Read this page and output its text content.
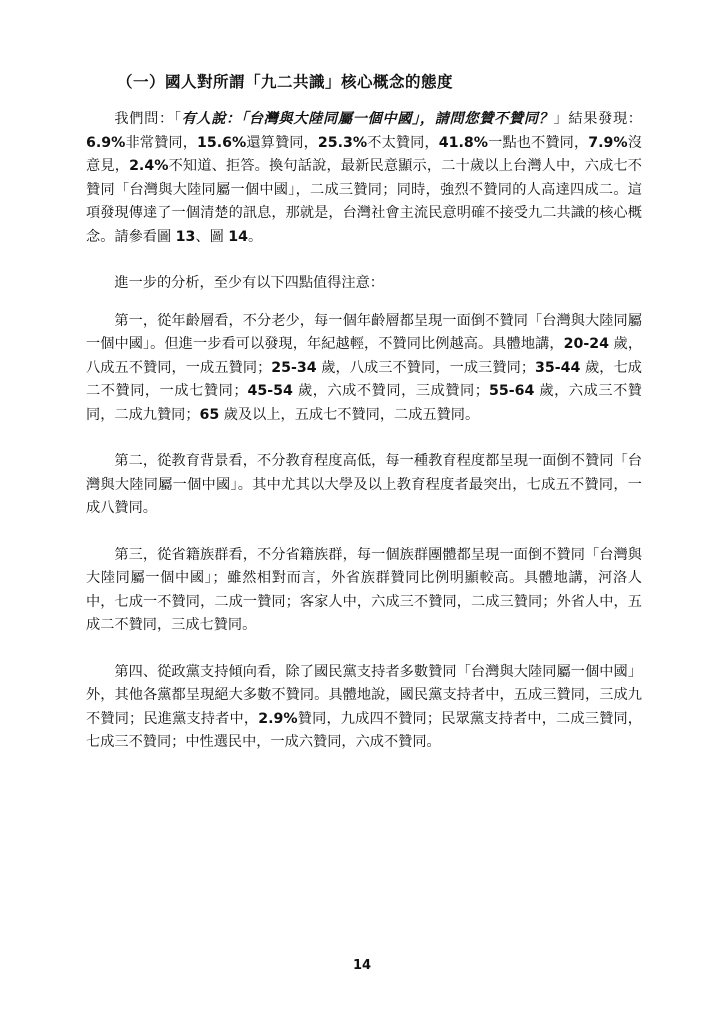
（一）國人對所謂「九二共識」核心概念的態度

我們問：「有人說：「台灣與大陸同屬一個中國」，請問您贊不贊同？」結果發現：6.9%非常贊同，15.6%還算贊同，25.3%不太贊同，41.8%一點也不贊同，7.9%沒意見，2.4%不知道、拒答。換句話說，最新民意顯示，二十歲以上台灣人中，六成七不贊同「台灣與大陸同屬一個中國」，二成三贊同；同時，強烈不贊同的人高達四成二。這項發現傳達了一個清楚的訊息，那就是，台灣社會主流民意明確不接受九二共識的核心概念。請參看圖 13、圖 14。

進一步的分析，至少有以下四點值得注意：

第一，從年齡層看，不分老少，每一個年齡層都呈現一面倒不贊同「台灣與大陸同屬一個中國」。但進一步看可以發現，年紀越輕，不贊同比例越高。具體地講，20-24 歲，八成五不贊同，一成五贊同；25-34 歲，八成三不贊同，一成三贊同；35-44 歲，七成二不贊同，一成七贊同；45-54 歲，六成不贊同，三成贊同；55-64 歲，六成三不贊同，二成九贊同；65 歲及以上，五成七不贊同，二成五贊同。

第二，從教育背景看，不分教育程度高低，每一種教育程度都呈現一面倒不贊同「台灣與大陸同屬一個中國」。其中尤其以大學及以上教育程度者最突出，七成五不贊同，一成八贊同。

第三，從省籍族群看，不分省籍族群，每一個族群團體都呈現一面倒不贊同「台灣與大陸同屬一個中國」；雖然相對而言，外省族群贊同比例明顯較高。具體地講，河洛人中，七成一不贊同，二成一贊同；客家人中，六成三不贊同，二成三贊同；外省人中，五成二不贊同，三成七贊同。

第四、從政黨支持傾向看，除了國民黨支持者多數贊同「台灣與大陸同屬一個中國」外，其他各黨都呈現絕大多數不贊同。具體地說，國民黨支持者中，五成三贊同，三成九不贊同；民進黨支持者中，2.9%贊同，九成四不贊同；民眾黨支持者中，二成三贊同，七成三不贊同；中性選民中，一成六贊同，六成不贊同。

14
